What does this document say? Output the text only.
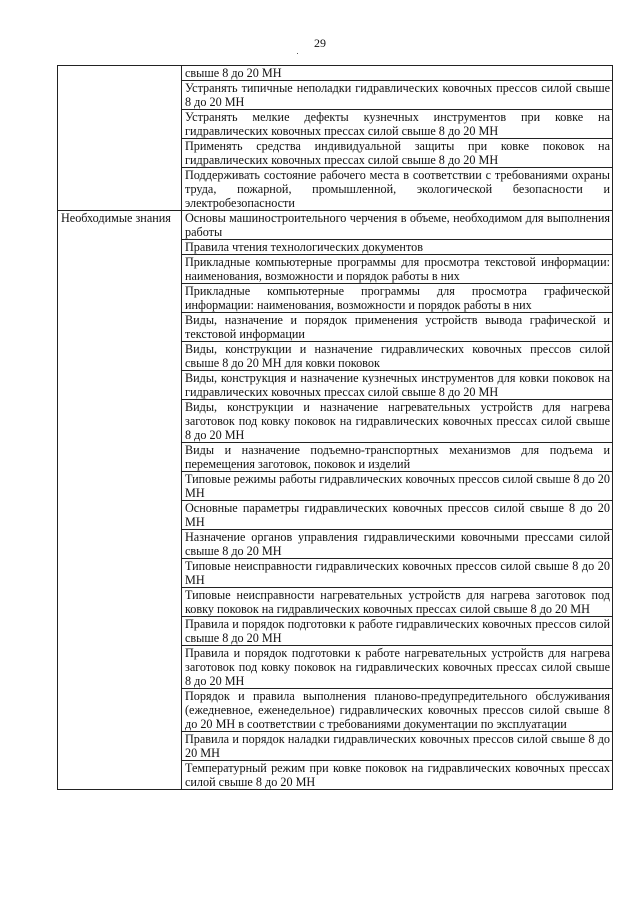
29
	свыше 8 до 20 МН
	Устранять типичные неполадки гидравлических ковочных прессов силой свыше 8 до 20 МН
	Устранять мелкие дефекты кузнечных инструментов при ковке на гидравлических ковочных прессах силой свыше 8 до 20 МН
	Применять средства индивидуальной защиты при ковке поковок на гидравлических ковочных прессах силой свыше 8 до 20 МН
	Поддерживать состояние рабочего места в соответствии с требованиями охраны труда, пожарной, промышленной, экологической безопасности и электробезопасности
Необходимые знания	Основы машиностроительного черчения в объеме, необходимом для выполнения работы
	Правила чтения технологических документов
	Прикладные компьютерные программы для просмотра текстовой информации: наименования, возможности и порядок работы в них
	Прикладные компьютерные программы для просмотра графической информации: наименования, возможности и порядок работы в них
	Виды, назначение и порядок применения устройств вывода графической и текстовой информации
	Виды, конструкции и назначение гидравлических ковочных прессов силой свыше 8 до 20 МН для ковки поковок
	Виды, конструкция и назначение кузнечных инструментов для ковки поковок на гидравлических ковочных прессах силой свыше 8 до 20 МН
	Виды, конструкции и назначение нагревательных устройств для нагрева заготовок под ковку поковок на гидравлических ковочных прессах силой свыше 8 до 20 МН
	Виды и назначение подъемно-транспортных механизмов для подъема и перемещения заготовок, поковок и изделий
	Типовые режимы работы гидравлических ковочных прессов силой свыше 8 до 20 МН
	Основные параметры гидравлических ковочных прессов силой свыше 8 до 20 МН
	Назначение органов управления гидравлическими ковочными прессами силой свыше 8 до 20 МН
	Типовые неисправности гидравлических ковочных прессов силой свыше 8 до 20 МН
	Типовые неисправности нагревательных устройств для нагрева заготовок под ковку поковок на гидравлических ковочных прессах силой свыше 8 до 20 МН
	Правила и порядок подготовки к работе гидравлических ковочных прессов силой свыше 8 до 20 МН
	Правила и порядок подготовки к работе нагревательных устройств для нагрева заготовок под ковку поковок на гидравлических ковочных прессах силой свыше 8 до 20 МН
	Порядок и правила выполнения планово-предупредительного обслуживания (ежедневное, еженедельное) гидравлических ковочных прессов силой свыше 8 до 20 МН в соответствии с требованиями документации по эксплуатации
	Правила и порядок наладки гидравлических ковочных прессов силой свыше 8 до 20 МН
	Температурный режим при ковке поковок на гидравлических ковочных прессах силой свыше 8 до 20 МН
